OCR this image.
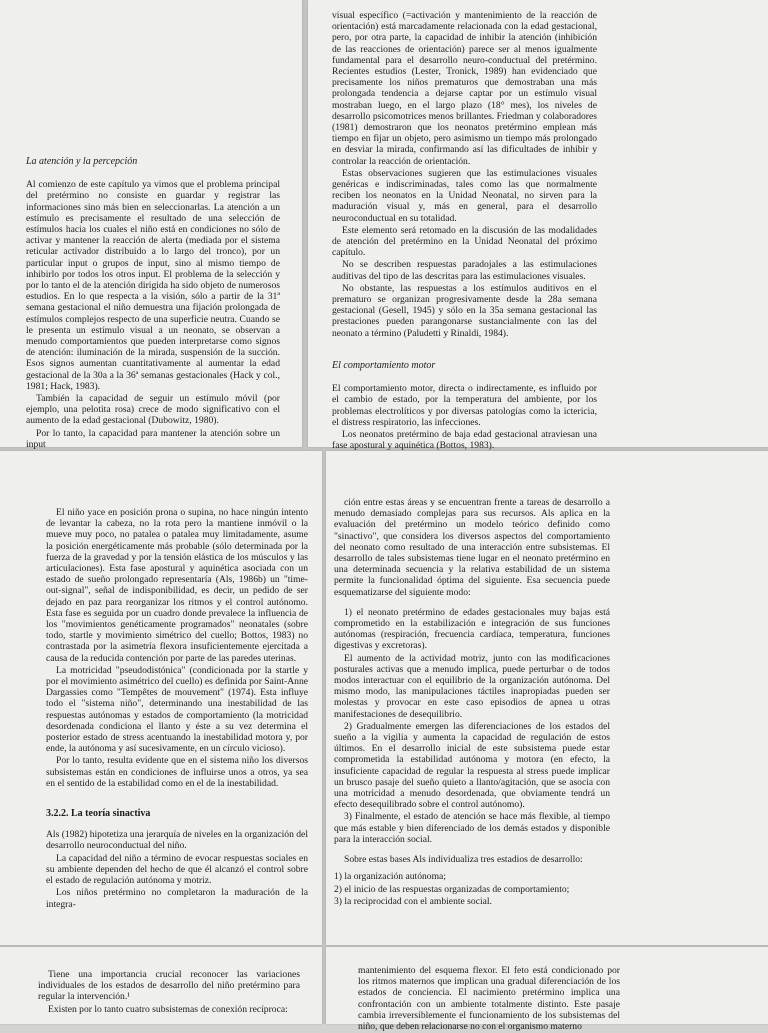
La atención y la percepción

Al comienzo de este capítulo ya vimos que el problema principal del pretérmino no consiste en guardar y registrar las informaciones sino más bien en seleccionarlas. La atención a un estímulo es precisamente el resultado de una selección de estímulos hacia los cuales el niño está en condiciones no sólo de activar y mantener la reacción de alerta (mediada por el sistema reticular activador distribuido a lo largo del tronco), por un particular input o grupos de input, sino al mismo tiempo de inhibirlo por todos los otros input. El problema de la selección y por lo tanto el de la atención dirigida ha sido objeto de numerosos estudios. En lo que respecta a la visión, sólo a partir de la 31ª semana gestacional el niño demuestra una fijación prolongada de estímulos complejos respecto de una superficie neutra. Cuando se le presenta un estímulo visual a un neonato, se observan a menudo comportamientos que pueden interpretarse como signos de atención: iluminación de la mirada, suspensión de la succión. Esos signos aumentan cuantitativamente al aumentar la edad gestacional de la 30a a la 36ª semanas gestacionales (Hack y col., 1981; Hack, 1983).

También la capacidad de seguir un estímulo móvil (por ejemplo, una pelotita rosa) crece de modo significativo con el aumento de la edad gestacional (Dubowitz, 1980).

Por lo tanto, la capacidad para mantener la atención sobre un input

visual específico (=activación y mantenimiento de la reacción de orientación) está marcadamente relacionada con la edad gestacional, pero, por otra parte, la capacidad de inhibir la atención (inhibición de las reacciones de orientación) parece ser al menos igualmente fundamental para el desarrollo neuro-conductual del pretérmino. Recientes estudios (Lester, Tronick, 1989) han evidenciado que precisamente los niños prematuros que demostraban una más prolongada tendencia a dejarse captar por un estímulo visual mostraban luego, en el largo plazo (18° mes), los niveles de desarrollo psicomotrices menos brillantes. Friedman y colaboradores (1981) demostraron que los neonatos pretérmino emplean más tiempo en fijar un objeto, pero asimismo un tiempo más prolongado en desviar la mirada, confirmando así las dificultades de inhibir y controlar la reacción de orientación.

Estas observaciones sugieren que las estimulaciones visuales genéricas e indiscriminadas, tales como las que normalmente reciben los neonatos en la Unidad Neonatal, no sirven para la maduración visual y, más en general, para el desarrollo neuroconductual en su totalidad.

Este elemento será retomado en la discusión de las modalidades de atención del pretérmino en la Unidad Neonatal del próximo capítulo.

No se describen respuestas paradojales a las estimulaciones auditivas del tipo de las descritas para las estimulaciones visuales.

No obstante, las respuestas a los estímulos auditivos en el prematuro se organizan progresivamente desde la 28a semana gestacional (Gesell, 1945) y sólo en la 35a semana gestacional las prestaciones pueden parangonarse sustancialmente con las del neonato a término (Paludetti y Rinaldi, 1984).

El comportamiento motor

El comportamiento motor, directa o indirectamente, es influido por el cambio de estado, por la temperatura del ambiente, por los problemas electrolíticos y por diversas patologías como la ictericia, el distress respiratorio, las infecciones.

Los neonatos pretérmino de baja edad gestacional atraviesan una fase apostural y aquinética (Bottos, 1983).

El niño yace en posición prona o supina, no hace ningún intento de levantar la cabeza, no la rota pero la mantiene inmóvil o la mueve muy poco, no patalea o patalea muy limitadamente, asume la posición energéticamente más probable (sólo determinada por la fuerza de la gravedad y por la tensión elástica de los músculos y las articulaciones). Esta fase apostural y aquinética asociada con un estado de sueño prolongado representaría (Als, 1986b) un "time-out-signal", señal de indisponibilidad, es decir, un pedido de ser dejado en paz para reorganizar los ritmos y el control autónomo. Esta fase es seguida por un cuadro donde prevalece la influencia de los "movimientos genéticamente programados" neonatales (sobre todo, startle y movimiento simétrico del cuello; Bottos, 1983) no contrastada por la asimetría flexora insuficientemente ejercitada a causa de la reducida contención por parte de las paredes uterinas.

La motricidad "pseudodistónica" (condicionada por la startle y por el movimiento asimétrico del cuello) es definida por Saint-Anne Dargassies como "Tempêtes de mouvement" (1974). Esta influye todo el "sistema niño", determinando una inestabilidad de las respuestas autónomas y estados de comportamiento (la motricidad desordenada condiciona el llanto y éste a su vez determina el posterior estado de stress acentuando la inestabilidad motora y, por ende, la autónoma y así sucesivamente, en un círculo vicioso).

Por lo tanto, resulta evidente que en el sistema niño los diversos subsistemas están en condiciones de influirse unos a otros, ya sea en el sentido de la estabilidad como en el de la inestabilidad.

3.2.2. La teoría sinactiva

Als (1982) hipotetiza una jerarquía de niveles en la organización del desarrollo neuroconductual del niño.

La capacidad del niño a término de evocar respuestas sociales en su ambiente dependen del hecho de que él alcanzó el control sobre el estado de regulación autónoma y motriz.

Los niños pretérmino no completaron la maduración de la integra-

ción entre estas áreas y se encuentran frente a tareas de desarrollo a menudo demasiado complejas para sus recursos. Als aplica en la evaluación del pretérmino un modelo teórico definido como "sinactivo", que considera los diversos aspectos del comportamiento del neonato como resultado de una interacción entre subsistemas. El desarrollo de tales subsistemas tiene lugar en el neonato pretérmino en una determinada secuencia y la relativa estabilidad de un sistema permite la funcionalidad óptima del siguiente. Esa secuencia puede esquematizarse del siguiente modo:

1) el neonato pretérmino de edades gestacionales muy bajas está comprometido en la estabilización e integración de sus funciones autónomas (respiración, frecuencia cardíaca, temperatura, funciones digestivas y excretoras).

El aumento de la actividad motriz, junto con las modificaciones posturales activas que a menudo implica, puede perturbar o de todos modos interactuar con el equilibrio de la organización autónoma. Del mismo modo, las manipulaciones táctiles inapropiadas pueden ser molestas y provocar en este caso episodios de apnea u otras manifestaciones de desequilibrio.

2) Gradualmente emergen las diferenciaciones de los estados del sueño a la vigilia y aumenta la capacidad de regulación de estos últimos. En el desarrollo inicial de este subsistema puede estar comprometida la estabilidad autónoma y motora (en efecto, la insuficiente capacidad de regular la respuesta al stress puede implicar un brusco pasaje del sueño quieto a llanto/agitación, que se asocia con una motricidad a menudo desordenada, que obviamente tendrá un efecto desequilibrado sobre el control autónomo).

3) Finalmente, el estado de atención se hace más flexible, al tiempo que más estable y bien diferenciado de los demás estados y disponible para la interacción social.

Sobre estas bases Als individualiza tres estadios de desarrollo:

1) la organización autónoma;
2) el inicio de las respuestas organizadas de comportamiento;
3) la reciprocidad con el ambiente social.

Tiene una importancia crucial reconocer las variaciones individuales de los estados de desarrollo del niño pretérmino para regular la intervención.¹

Existen por lo tanto cuatro subsistemas de conexión recíproca:

mantenimiento del esquema flexor. El feto está condicionado por los ritmos maternos que implican una gradual diferenciación de los estados de conciencia. El nacimiento pretérmino implica una confrontación con un ambiente totalmente distinto. Este pasaje cambia irreversiblemente el funcionamiento de los subsistemas del niño, que deben relacionarse no con el organismo materno
